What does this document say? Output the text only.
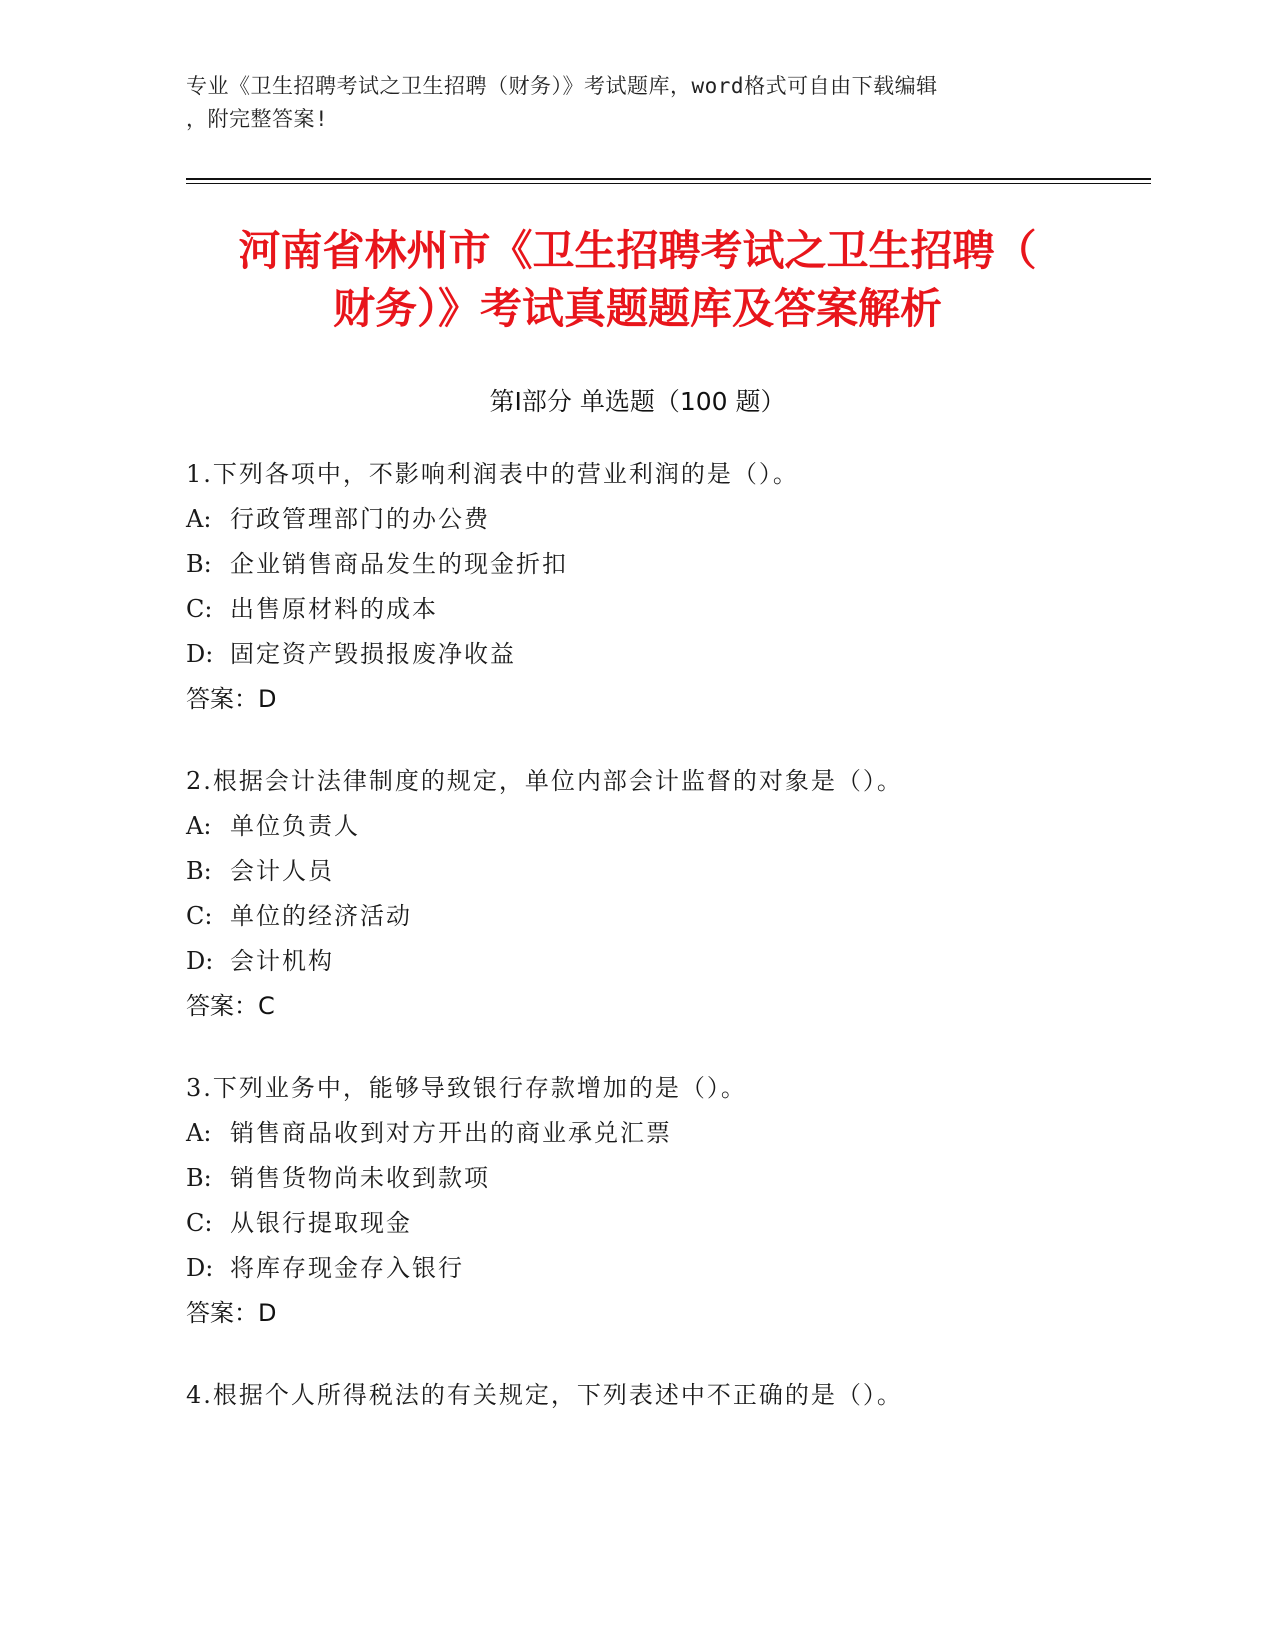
专业《卫生招聘考试之卫生招聘（财务）》考试题库，word格式可自由下载编辑
，附完整答案!
河南省林州市《卫生招聘考试之卫生招聘（
财务）》考试真题题库及答案解析
第Ⅰ部分 单选题（100 题）
1.下列各项中，不影响利润表中的营业利润的是（）。
A: 行政管理部门的办公费
B: 企业销售商品发生的现金折扣
C: 出售原材料的成本
D: 固定资产毁损报废净收益
答案：D
2.根据会计法律制度的规定，单位内部会计监督的对象是（）。
A: 单位负责人
B: 会计人员
C: 单位的经济活动
D: 会计机构
答案：C
3.下列业务中，能够导致银行存款增加的是（）。
A: 销售商品收到对方开出的商业承兑汇票
B: 销售货物尚未收到款项
C: 从银行提取现金
D: 将库存现金存入银行
答案：D
4.根据个人所得税法的有关规定，下列表述中不正确的是（）。
